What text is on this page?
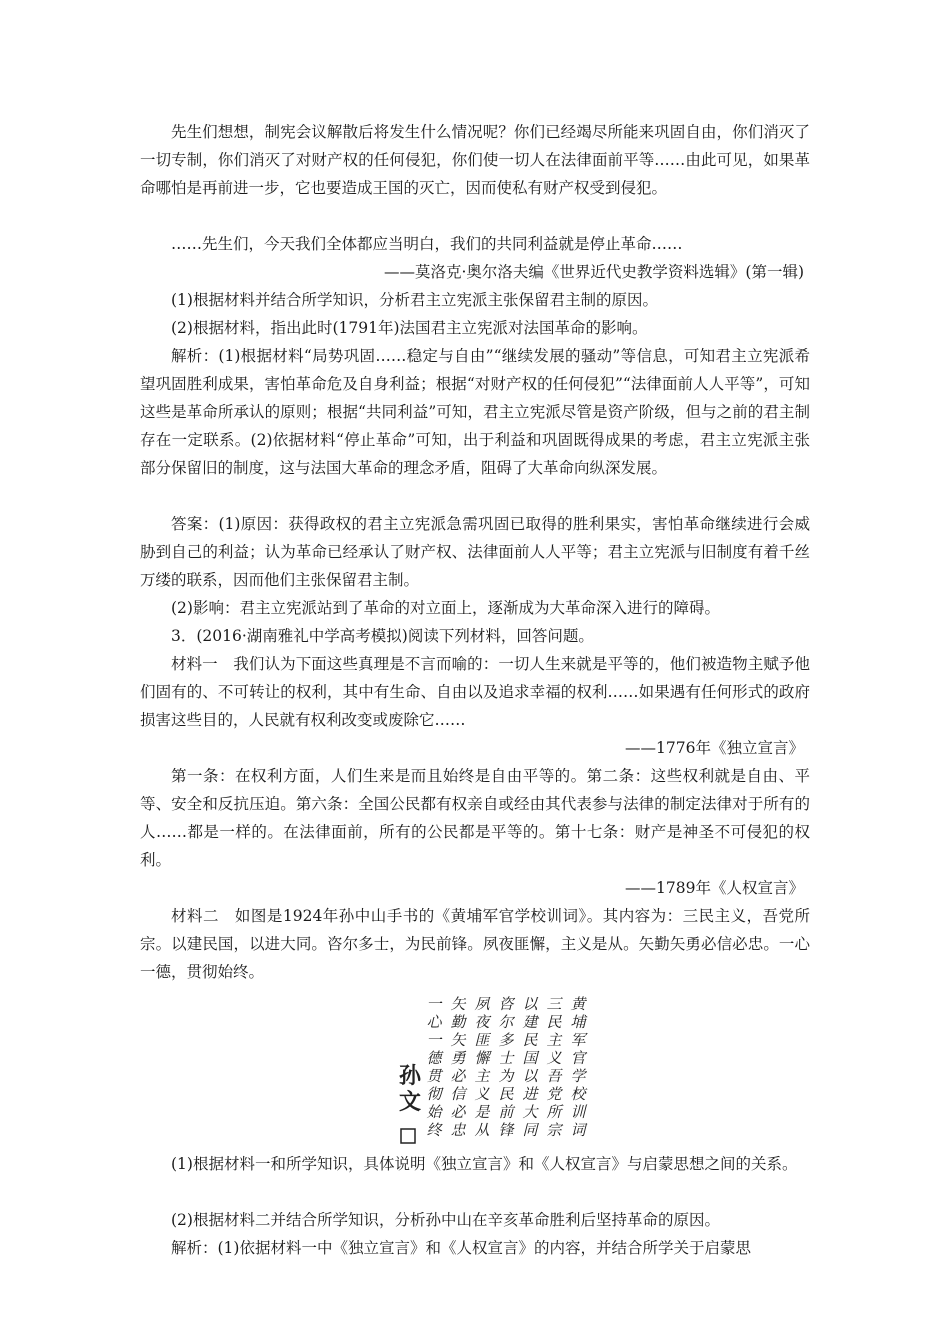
先生们想想，制宪会议解散后将发生什么情况呢？你们已经竭尽所能来巩固自由，你们消灭了一切专制，你们消灭了对财产权的任何侵犯，你们使一切人在法律面前平等……由此可见，如果革命哪怕是再前进一步，它也要造成王国的灭亡，因而使私有财产权受到侵犯。

……先生们，今天我们全体都应当明白，我们的共同利益就是停止革命……

——莫洛克·奥尔洛夫编《世界近代史教学资料选辑》(第一辑)

(1)根据材料并结合所学知识，分析君主立宪派主张保留君主制的原因。

(2)根据材料，指出此时(1791年)法国君主立宪派对法国革命的影响。

解析：(1)根据材料“局势巩固……稳定与自由”“继续发展的骚动”等信息，可知君主立宪派希望巩固胜利成果，害怕革命危及自身利益；根据“对财产权的任何侵犯”“法律面前人人平等”，可知这些是革命所承认的原则；根据“共同利益”可知，君主立宪派尽管是资产阶级，但与之前的君主制存在一定联系。(2)依据材料“停止革命”可知，出于利益和巩固既得成果的考虑，君主立宪派主张部分保留旧的制度，这与法国大革命的理念矛盾，阻碍了大革命向纵深发展。

答案：(1)原因：获得政权的君主立宪派急需巩固已取得的胜利果实，害怕革命继续进行会威胁到自己的利益；认为革命已经承认了财产权、法律面前人人平等；君主立宪派与旧制度有着千丝万缕的联系，因而他们主张保留君主制。

(2)影响：君主立宪派站到了革命的对立面上，逐渐成为大革命深入进行的障碍。

3．(2016·湖南雅礼中学高考模拟)阅读下列材料，回答问题。

材料一　我们认为下面这些真理是不言而喻的：一切人生来就是平等的，他们被造物主赋予他们固有的、不可转让的权利，其中有生命、自由以及追求幸福的权利……如果遇有任何形式的政府损害这些目的，人民就有权利改变或废除它……

——1776年《独立宣言》

第一条：在权利方面，人们生来是而且始终是自由平等的。第二条：这些权利就是自由、平等、安全和反抗压迫。第六条：全国公民都有权亲自或经由其代表参与法律的制定法律对于所有的人……都是一样的。在法律面前，所有的公民都是平等的。第十七条：财产是神圣不可侵犯的权利。

——1789年《人权宣言》

材料二　如图是1924年孙中山手书的《黄埔军官学校训词》。其内容为：三民主义，吾党所宗。以建民国，以进大同。咨尔多士，为民前锋。夙夜匪懈，主义是从。矢勤矢勇必信必忠。一心一德，贯彻始终。

黄
埔
军
官
学
校
训
词
三
民
主
义
吾
党
所
宗
以
建
民
国
以
进
大
同
咨
尔
多
士
为
民
前
锋
夙
夜
匪
懈
主
义
是
从
矢
勤
矢
勇
必
信
必
忠
一
心
一
德
贯
彻
始
终
孙
文

(1)根据材料一和所学知识，具体说明《独立宣言》和《人权宣言》与启蒙思想之间的关系。

(2)根据材料二并结合所学知识，分析孙中山在辛亥革命胜利后坚持革命的原因。

解析：(1)依据材料一中《独立宣言》和《人权宣言》的内容，并结合所学关于启蒙思
